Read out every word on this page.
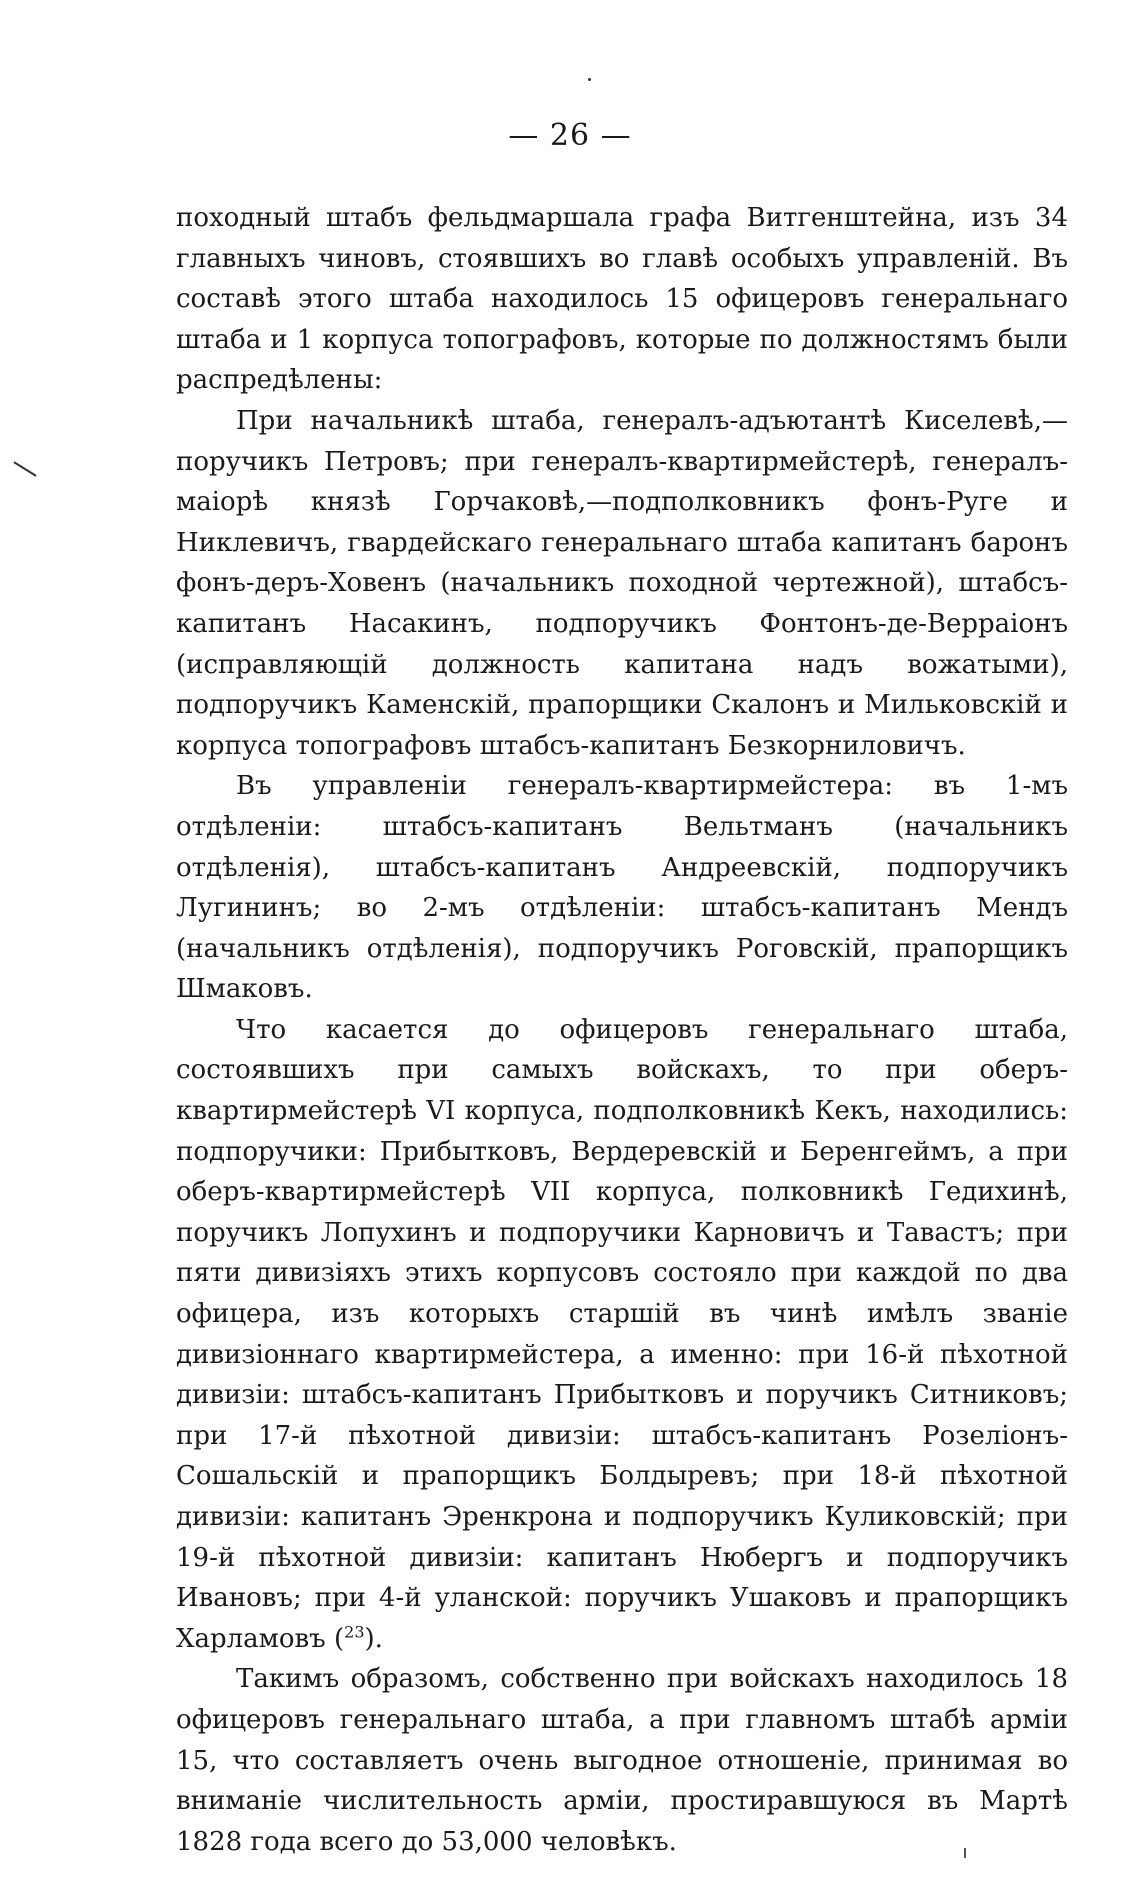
— 26 —

походный штабъ фельдмаршала графа Витгенштейна, изъ 34 главныхъ чиновъ, стоявшихъ во главѣ особыхъ управленій. Въ составѣ этого штаба находилось 15 офицеровъ генеральнаго штаба и 1 корпуса топографовъ, которые по должностямъ были распредѣлены:

При начальникѣ штаба, генералъ-адъютантѣ Киселевѣ,—поручикъ Петровъ; при генералъ-квартирмейстерѣ, генералъ-маіорѣ князѣ Горчаковѣ,—подполковникъ фонъ-Руге и Никлевичъ, гвардейскаго генеральнаго штаба капитанъ баронъ фонъ-деръ-Ховенъ (начальникъ походной чертежной), штабсъ-капитанъ Насакинъ, подпоручикъ Фонтонъ-де-Верраіонъ (исправляющій должность капитана надъ вожатыми), подпоручикъ Каменскій, прапорщики Скалонъ и Мильковскій и корпуса топографовъ штабсъ-капитанъ Безкорниловичъ.

Въ управленіи генералъ-квартирмейстера: въ 1-мъ отдѣленіи: штабсъ-капитанъ Вельтманъ (начальникъ отдѣленія), штабсъ-капитанъ Андреевскій, подпоручикъ Лугининъ; во 2-мъ отдѣленіи: штабсъ-капитанъ Мендъ (начальникъ отдѣленія), подпоручикъ Роговскій, прапорщикъ Шмаковъ.

Что касается до офицеровъ генеральнаго штаба, состоявшихъ при самыхъ войскахъ, то при оберъ-квартирмейстерѣ VI корпуса, подполковникѣ Кекъ, находились: подпоручики: Прибытковъ, Вердеревскій и Беренгеймъ, а при оберъ-квартирмейстерѣ VII корпуса, полковникѣ Гедихинѣ, поручикъ Лопухинъ и подпоручики Карновичъ и Тавастъ; при пяти дивизіяхъ этихъ корпусовъ состояло при каждой по два офицера, изъ которыхъ старшій въ чинѣ имѣлъ званіе дивизіоннаго квартирмейстера, а именно: при 16-й пѣхотной дивизіи: штабсъ-капитанъ Прибытковъ и поручикъ Ситниковъ; при 17-й пѣхотной дивизіи: штабсъ-капитанъ Розеліонъ-Сошальскій и прапорщикъ Болдыревъ; при 18-й пѣхотной дивизіи: капитанъ Эренкрона и подпоручикъ Куликовскій; при 19-й пѣхотной дивизіи: капитанъ Нюбергъ и подпоручикъ Ивановъ; при 4-й уланской: поручикъ Ушаковъ и прапорщикъ Харламовъ ($^{23}$).

Такимъ образомъ, собственно при войскахъ находилось 18 офицеровъ генеральнаго штаба, а при главномъ штабѣ арміи 15, что составляетъ очень выгодное отношеніе, принимая во вниманіе числительность арміи, простиравшуюся въ Мартѣ 1828 года всего до 53,000 человѣкъ.
